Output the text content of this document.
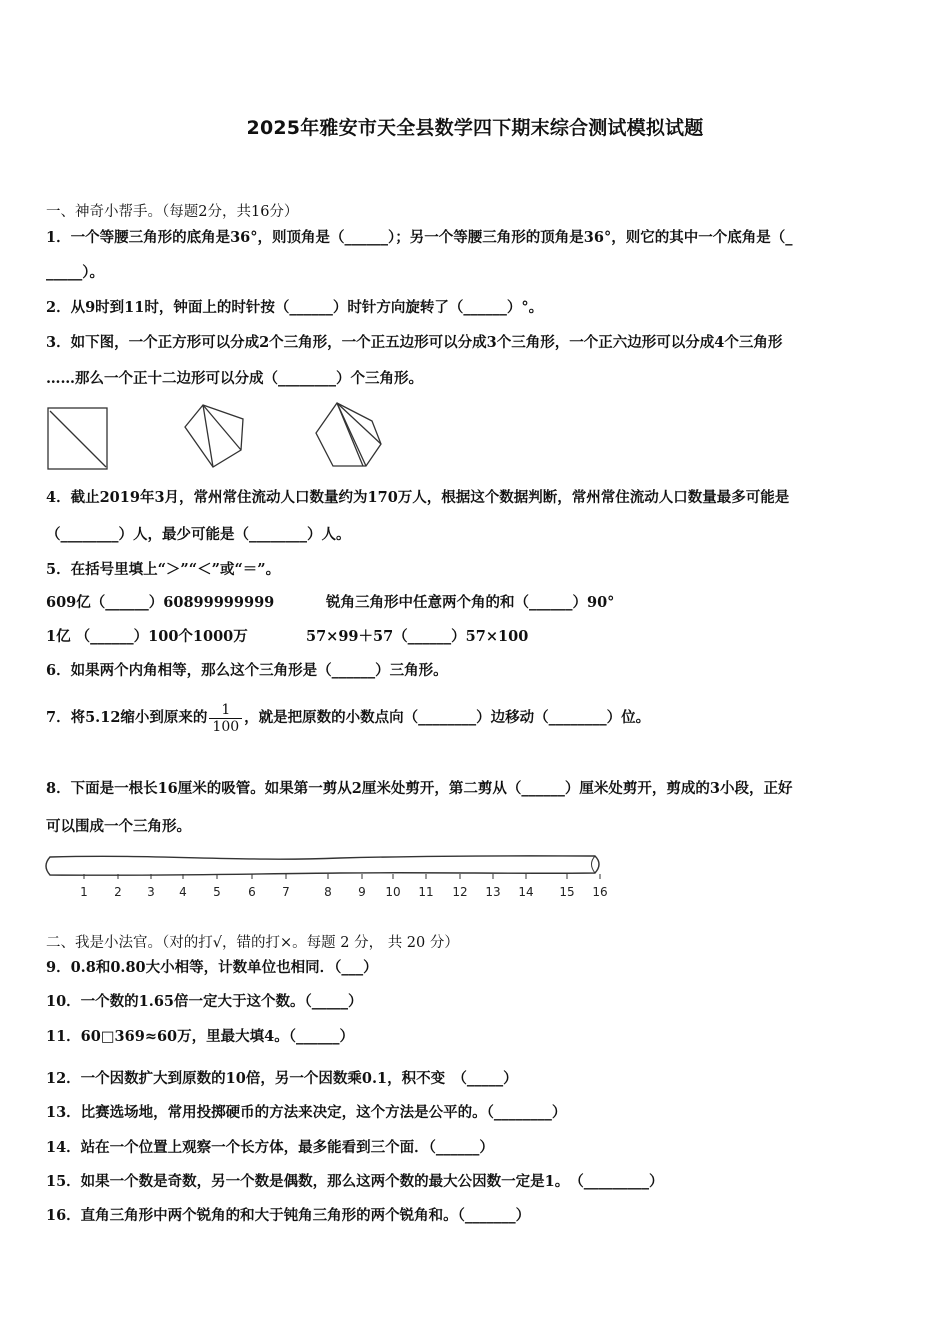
2025年雅安市天全县数学四下期末综合测试模拟试题
一、神奇小帮手。（每题2分，共16分）
1．一个等腰三角形的底角是36°，则顶角是（______）；另一个等腰三角形的顶角是36°，则它的其中一个底角是（_
_____）。
2．从9时到11时，钟面上的时针按（______）时针方向旋转了（______）°。
3．如下图，一个正方形可以分成2个三角形，一个正五边形可以分成3个三角形，一个正六边形可以分成4个三角形
……那么一个正十二边形可以分成（________）个三角形。
4．截止2019年3月，常州常住流动人口数量约为170万人，根据这个数据判断，常州常住流动人口数量最多可能是
（________）人，最少可能是（________）人。
5．在括号里填上“＞”“＜”或“＝”。
609亿（______）60899999999	锐角三角形中任意两个角的和（______）90°
1亿 （______）100个1000万	57×99＋57（______）57×100
6．如果两个内角相等，那么这个三角形是（______）三角形。
7．将5.12缩小到原来的 $\frac{1}{100}$ ，就是把原数的小数点向（________）边移动（________）位。
8．下面是一根长16厘米的吸管。如果第一剪从2厘米处剪开，第二剪从（______）厘米处剪开，剪成的3小段，正好
可以围成一个三角形。
1 2 3 4 5 6 7	8 9 10 11 12 13 14 15 16
二、我是小法官。（对的打√，错的打×。每题 2 分， 共 20 分）
9．0.8和0.80大小相等，计数单位也相同．（___）
10．一个数的1.65倍一定大于这个数。（_____）
11．60□369≈60万，里最大填4。（______）
12．一个因数扩大到原数的10倍，另一个因数乘0.1，积不变　（_____）
13．比赛选场地，常用投掷硬币的方法来决定，这个方法是公平的。（________）
14．站在一个位置上观察一个长方体，最多能看到三个面．（______）
15．如果一个数是奇数，另一个数是偶数，那么这两个数的最大公因数一定是1。　（_________）
16．直角三角形中两个锐角的和大于钝角三角形的两个锐角和。（_______）
